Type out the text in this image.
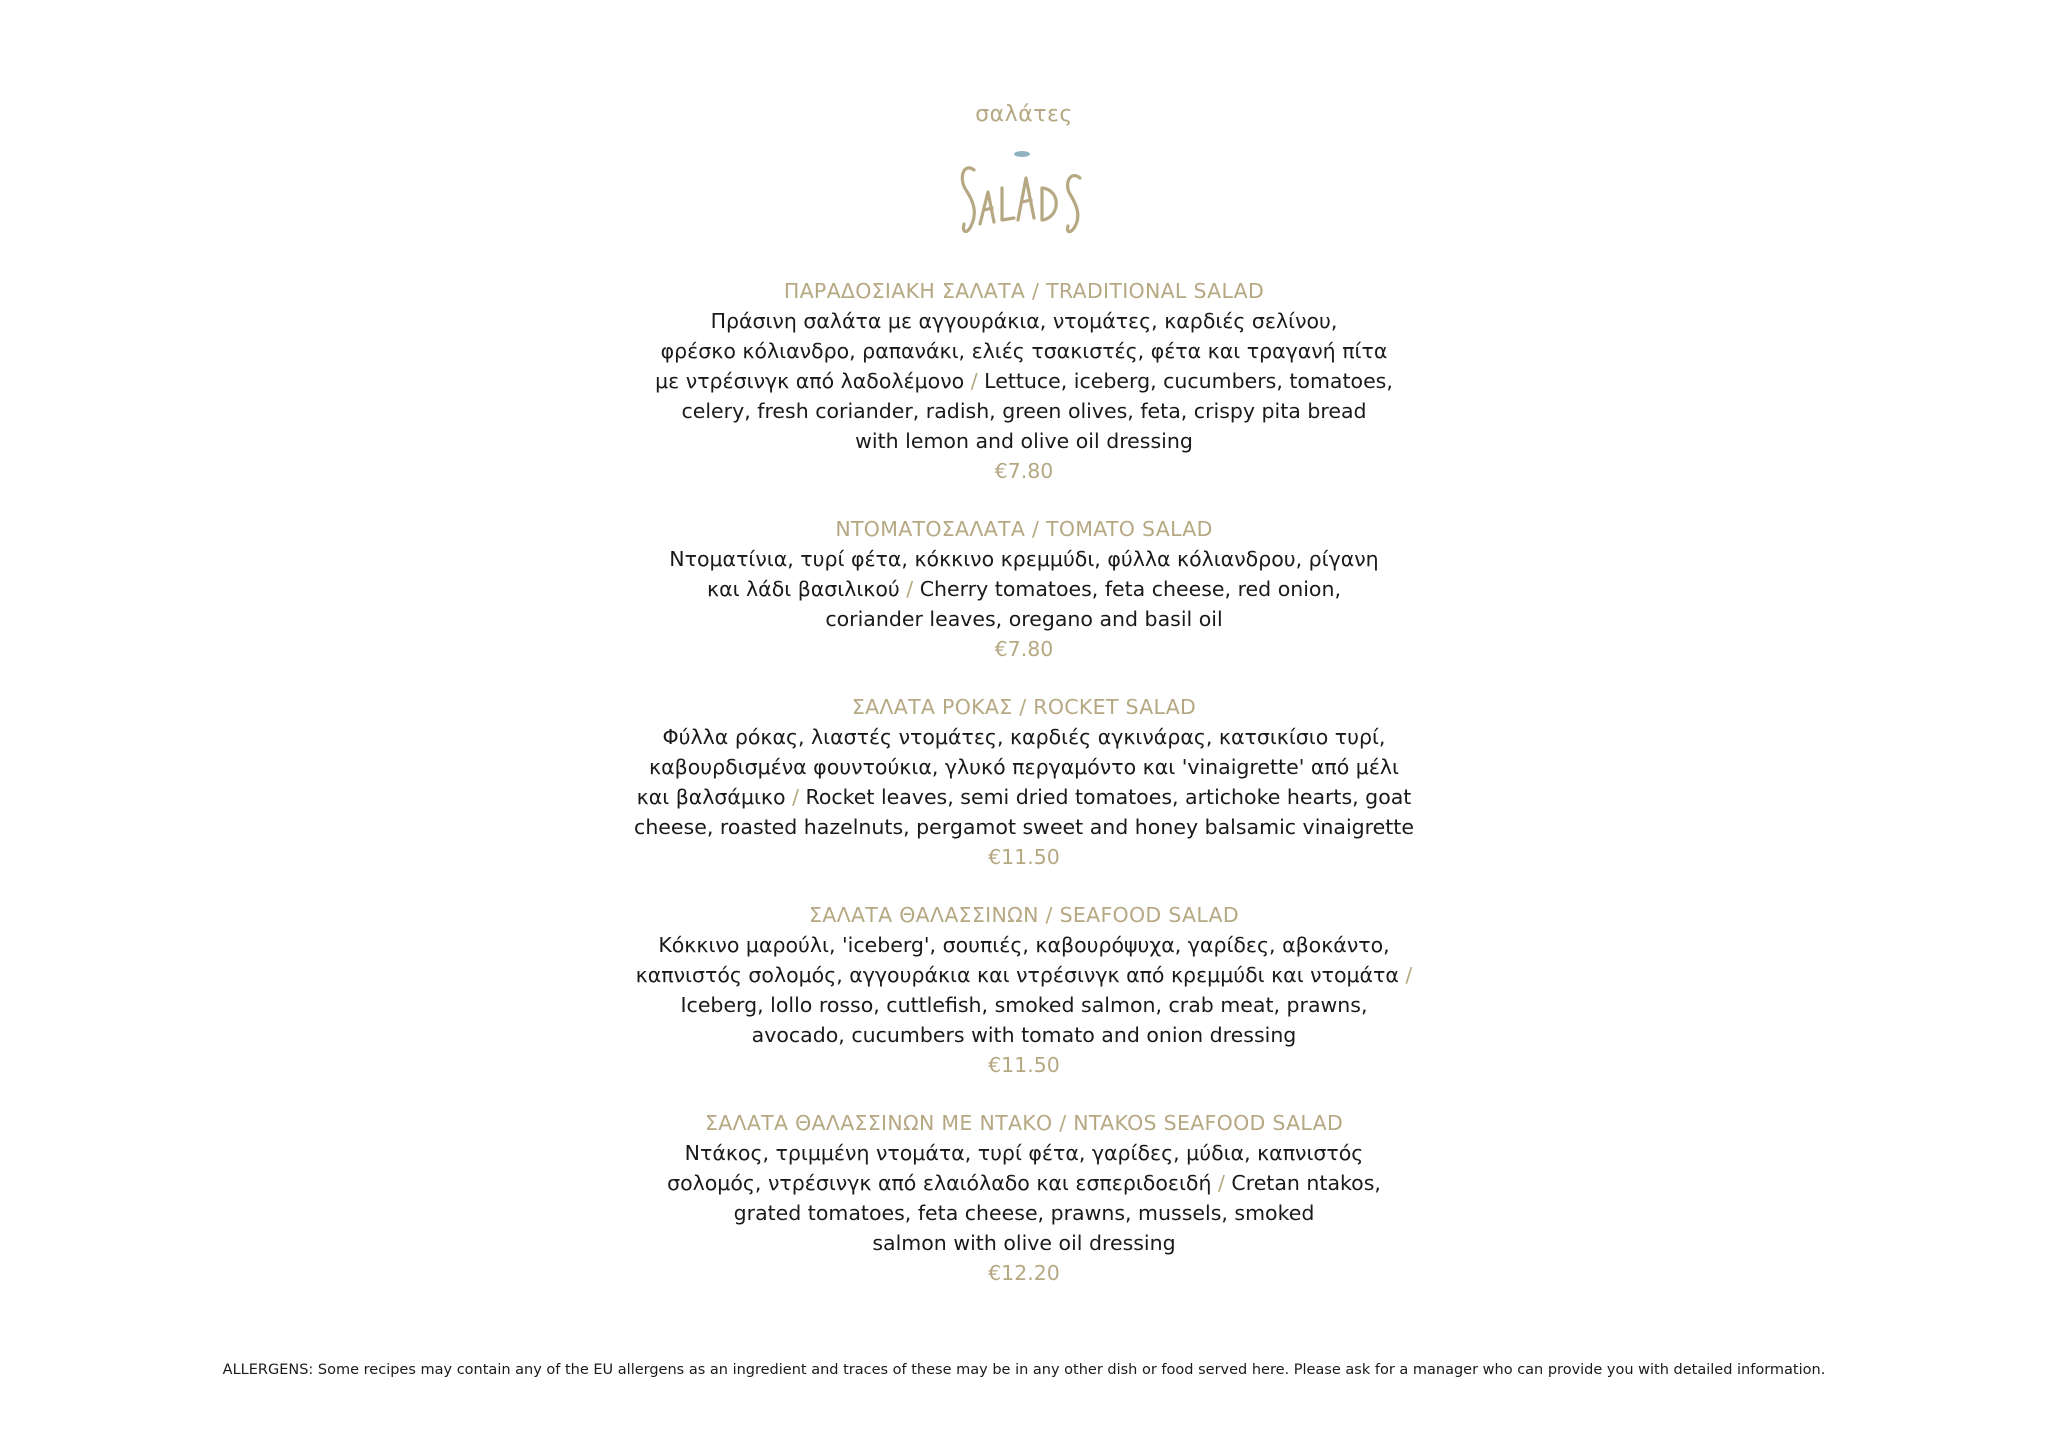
σαλάτες
ΠΑΡΑΔΟΣΙΑΚΗ ΣΑΛΑΤΑ / TRADITIONAL SALAD
Πράσινη σαλάτα με αγγουράκια, ντομάτες, καρδιές σελίνου,
φρέσκο κόλιανδρο, ραπανάκι, ελιές τσακιστές, φέτα και τραγανή πίτα
με ντρέσινγκ από λαδολέμονο / Lettuce, iceberg, cucumbers, tomatoes,
celery, fresh coriander, radish, green olives, feta, crispy pita bread
with lemon and olive oil dressing
€7.80
ΝΤΟΜΑΤΟΣΑΛΑΤΑ / TOMATO SALAD
Ντοματίνια, τυρί φέτα, κόκκινο κρεμμύδι, φύλλα κόλιανδρου, ρίγανη
και λάδι βασιλικού / Cherry tomatoes, feta cheese, red onion,
coriander leaves, oregano and basil oil
€7.80
ΣΑΛΑΤΑ ΡΟΚΑΣ / ROCKET SALAD
Φύλλα ρόκας, λιαστές ντομάτες, καρδιές αγκινάρας, κατσικίσιο τυρί,
καβουρδισμένα φουντούκια, γλυκό περγαμόντο και 'vinaigrette' από μέλι
και βαλσάμικο / Rocket leaves, semi dried tomatoes, artichoke hearts, goat
cheese, roasted hazelnuts, pergamot sweet and honey balsamic vinaigrette
€11.50
ΣΑΛΑΤΑ ΘΑΛΑΣΣΙΝΩΝ / SEAFOOD SALAD
Κόκκινο μαρούλι, 'iceberg', σουπιές, καβουρόψυχα, γαρίδες, αβοκάντο,
καπνιστός σολομός, αγγουράκια και ντρέσινγκ από κρεμμύδι και ντομάτα /
Iceberg, lollo rosso, cuttlefish, smoked salmon, crab meat, prawns,
avocado, cucumbers with tomato and onion dressing
€11.50
ΣΑΛΑΤΑ ΘΑΛΑΣΣΙΝΩΝ ΜΕ ΝΤΑΚΟ / NTAKOS SEAFOOD SALAD
Ντάκος, τριμμένη ντομάτα, τυρί φέτα, γαρίδες, μύδια, καπνιστός
σολομός, ντρέσινγκ από ελαιόλαδο και εσπεριδοειδή / Cretan ntakos,
grated tomatoes, feta cheese, prawns, mussels, smoked
salmon with olive oil dressing
€12.20
ALLERGENS: Some recipes may contain any of the EU allergens as an ingredient and traces of these may be in any other dish or food served here. Please ask for a manager who can provide you with detailed information.
